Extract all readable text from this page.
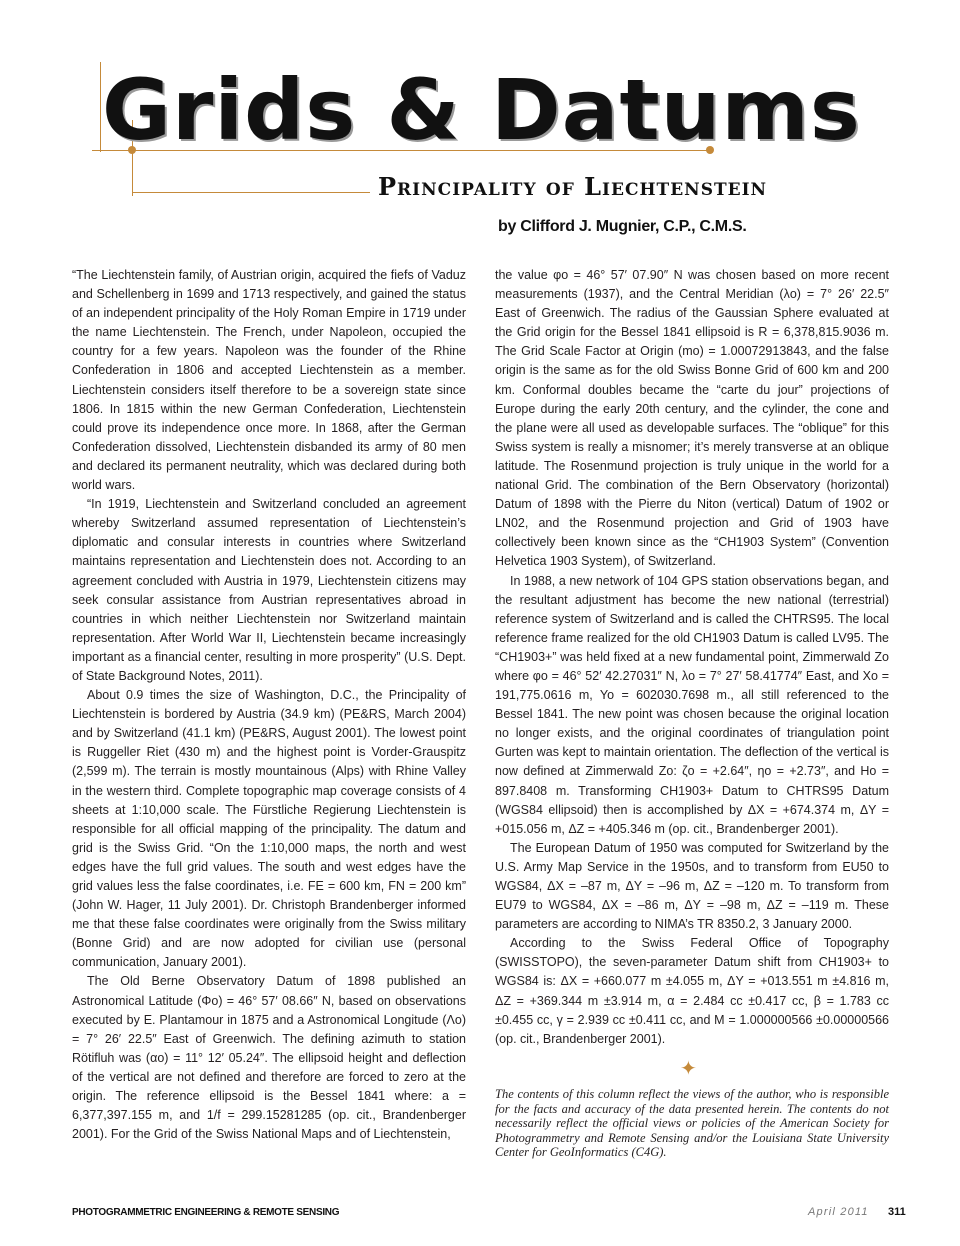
Grids & Datums
Principality of Liechtenstein
by Clifford J. Mugnier, C.P., C.M.S.

“The Liechtenstein family, of Austrian origin, acquired the fiefs of Vaduz and Schellenberg in 1699 and 1713 respectively, and gained the status of an independent principality of the Holy Roman Empire in 1719 under the name Liechtenstein. The French, under Napoleon, occupied the country for a few years. Napoleon was the founder of the Rhine Confederation in 1806 and accepted Liechtenstein as a member. Liechtenstein considers itself therefore to be a sovereign state since 1806. In 1815 within the new German Confederation, Liechtenstein could prove its independence once more. In 1868, after the German Confederation dissolved, Liechtenstein disbanded its army of 80 men and declared its permanent neutrality, which was declared during both world wars.

“In 1919, Liechtenstein and Switzerland concluded an agreement whereby Switzerland assumed representation of Liechtenstein’s diplomatic and consular interests in countries where Switzerland maintains representation and Liechtenstein does not. According to an agreement concluded with Austria in 1979, Liechtenstein citizens may seek consular assistance from Austrian representatives abroad in countries in which neither Liechtenstein nor Switzerland maintain representation. After World War II, Liechtenstein became increasingly important as a financial center, resulting in more prosperity” (U.S. Dept. of State Background Notes, 2011).

About 0.9 times the size of Washington, D.C., the Principality of Liechtenstein is bordered by Austria (34.9 km) (PE&RS, March 2004) and by Switzerland (41.1 km) (PE&RS, August 2001). The lowest point is Ruggeller Riet (430 m) and the highest point is Vorder-Grauspitz (2,599 m). The terrain is mostly mountainous (Alps) with Rhine Valley in the western third. Complete topographic map coverage consists of 4 sheets at 1:10,000 scale. The Fürstliche Regierung Liechtenstein is responsible for all official mapping of the principality. The datum and grid is the Swiss Grid. “On the 1:10,000 maps, the north and west edges have the full grid values. The south and west edges have the grid values less the false coordinates, i.e. FE = 600 km, FN = 200 km” (John W. Hager, 11 July 2001). Dr. Christoph Brandenberger informed me that these false coordinates were originally from the Swiss military (Bonne Grid) and are now adopted for civilian use (personal communication, January 2001).

The Old Berne Observatory Datum of 1898 published an Astronomical Latitude (Φo) = 46° 57′ 08.66″ N, based on observations executed by E. Plantamour in 1875 and a Astronomical Longitude (Λo) = 7° 26′ 22.5″ East of Greenwich. The defining azimuth to station Rötifluh was (αo) = 11° 12′ 05.24″. The ellipsoid height and deflection of the vertical are not defined and therefore are forced to zero at the origin. The reference ellipsoid is the Bessel 1841 where: a = 6,377,397.155 m, and 1/f = 299.15281285 (op. cit., Brandenberger 2001). For the Grid of the Swiss National Maps and of Liechtenstein,

the value φo = 46° 57′ 07.90″ N was chosen based on more recent measurements (1937), and the Central Meridian (λo) = 7° 26′ 22.5″ East of Greenwich. The radius of the Gaussian Sphere evaluated at the Grid origin for the Bessel 1841 ellipsoid is R = 6,378,815.9036 m. The Grid Scale Factor at Origin (mo) = 1.00072913843, and the false origin is the same as for the old Swiss Bonne Grid of 600 km and 200 km. Conformal doubles became the “carte du jour” projections of Europe during the early 20th century, and the cylinder, the cone and the plane were all used as developable surfaces. The “oblique” for this Swiss system is really a misnomer; it’s merely transverse at an oblique latitude. The Rosenmund projection is truly unique in the world for a national Grid. The combination of the Bern Observatory (horizontal) Datum of 1898 with the Pierre du Niton (vertical) Datum of 1902 or LN02, and the Rosenmund projection and Grid of 1903 have collectively been known since as the “CH1903 System” (Convention Helvetica 1903 System), of Switzerland.

In 1988, a new network of 104 GPS station observations began, and the resultant adjustment has become the new national (terrestrial) reference system of Switzerland and is called the CHTRS95. The local reference frame realized for the old CH1903 Datum is called LV95. The “CH1903+” was held fixed at a new fundamental point, Zimmerwald Zo where φo = 46° 52′ 42.27031″ N, λo = 7° 27′ 58.41774″ East, and Xo = 191,775.0616 m, Yo = 602030.7698 m., all still referenced to the Bessel 1841. The new point was chosen because the original location no longer exists, and the original coordinates of triangulation point Gurten was kept to maintain orientation. The deflection of the vertical is now defined at Zimmerwald Zo: ζo = +2.64″, ηo = +2.73″, and Ho = 897.8408 m. Transforming CH1903+ Datum to CHTRS95 Datum (WGS84 ellipsoid) then is accomplished by ΔX = +674.374 m, ΔY = +015.056 m, ΔZ = +405.346 m (op. cit., Brandenberger 2001).

The European Datum of 1950 was computed for Switzerland by the U.S. Army Map Service in the 1950s, and to transform from EU50 to WGS84, ΔX = –87 m, ΔY = –96 m, ΔZ = –120 m. To transform from EU79 to WGS84, ΔX = –86 m, ΔY = –98 m, ΔZ = –119 m. These parameters are according to NIMA’s TR 8350.2, 3 January 2000.

According to the Swiss Federal Office of Topography (SWISSTOPO), the seven-parameter Datum shift from CH1903+ to WGS84 is: ΔX = +660.077 m ±4.055 m, ΔY = +013.551 m ±4.816 m, ΔZ = +369.344 m ±3.914 m, α = 2.484 cc ±0.417 cc, β = 1.783 cc ±0.455 cc, γ = 2.939 cc ±0.411 cc, and M = 1.000000566 ±0.00000566 (op. cit., Brandenberger 2001).

✦
The contents of this column reflect the views of the author, who is responsible for the facts and accuracy of the data presented herein. The contents do not necessarily reflect the official views or policies of the American Society for Photogrammetry and Remote Sensing and/or the Louisiana State University Center for GeoInformatics (C4G).
PHOTOGRAMMETRIC ENGINEERING & REMOTE SENSING	April 2011 311
